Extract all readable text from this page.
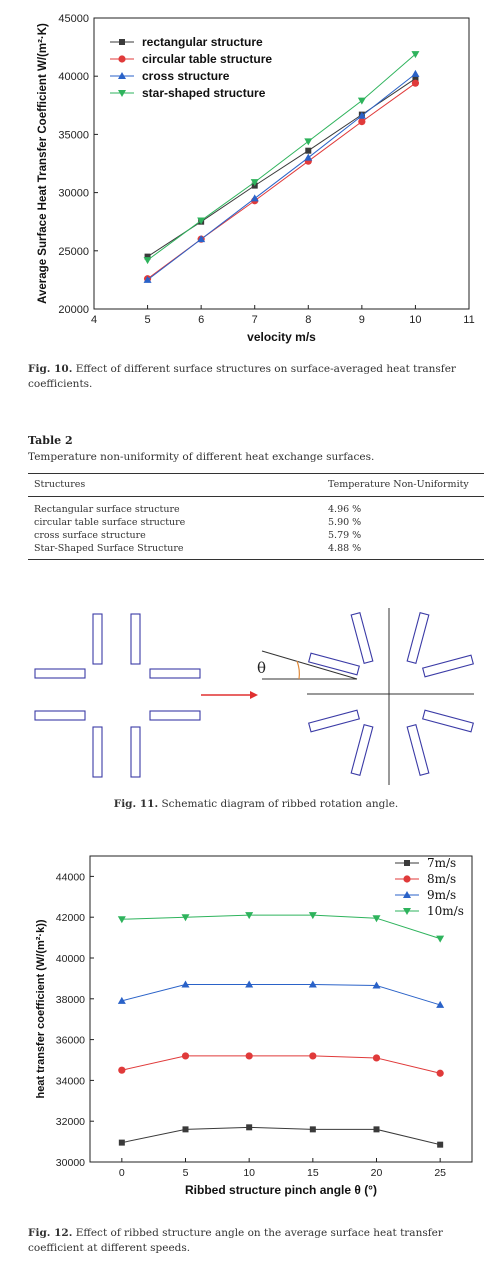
4	5	6	7	8	9	10	11
20000
25000
30000
35000
40000
45000
velocity m/s
Average Surface Heat Transfer Coefficient W/(m²·K)	rectangular structure
circular table structure
cross structure
star-shaped structure
Fig. 10. Effect of different surface structures on surface-averaged heat transfer coefficients.
Table 2
Temperature non-uniformity of different heat exchange surfaces.
Structures	Temperature Non-Uniformity
Rectangular surface structure	4.96 %
circular table surface structure	5.90 %
cross surface structure	5.79 %
Star-Shaped Surface Structure	4.88 %
θ
Fig. 11. Schematic diagram of ribbed rotation angle.
0	5	10	15	20	25
30000
32000
34000
36000
38000
40000
42000
44000
Ribbed structure pinch angle θ (°)
heat transfer coefficient (W/(m²·k))
7m/s
8m/s
9m/s
10m/s
Fig. 12. Effect of ribbed structure angle on the average surface heat transfer coefficient at different speeds.
